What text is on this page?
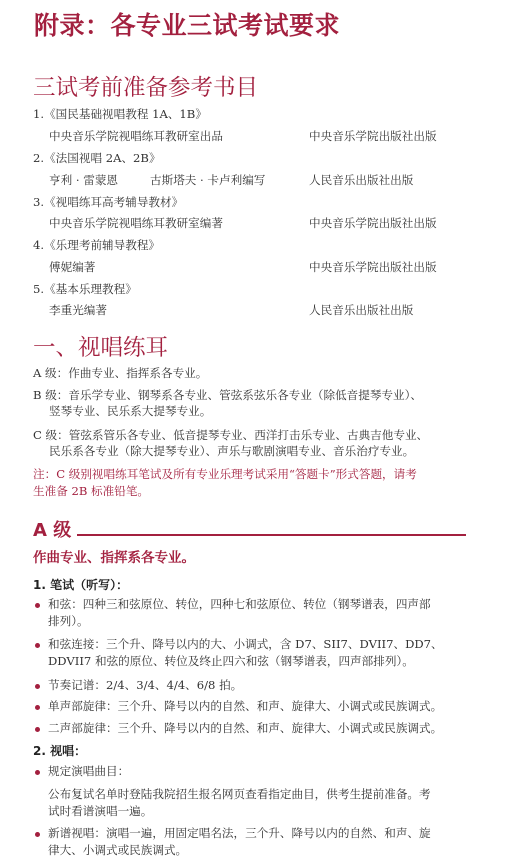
附录：各专业三试考试要求
三试考前准备参考书目
1.《国民基础视唱教程 1A、1B》
中央音乐学院视唱练耳教研室出品	中央音乐学院出版社出版
2.《法国视唱 2A、2B》
亨利 · 雷蒙恩	古斯塔夫 · 卡卢利编写	人民音乐出版社出版
3.《视唱练耳高考辅导教材》
中央音乐学院视唱练耳教研室编著	中央音乐学院出版社出版
4.《乐理考前辅导教程》
傅妮编著	中央音乐学院出版社出版
5.《基本乐理教程》
李重光编著	人民音乐出版社出版
一、视唱练耳
A 级：作曲专业、指挥系各专业。
B 级：音乐学专业、钢琴系各专业、管弦系弦乐各专业（除低音提琴专业）、
竖琴专业、民乐系大提琴专业。
C 级：管弦系管乐各专业、低音提琴专业、西洋打击乐专业、古典吉他专业、
民乐系各专业（除大提琴专业）、声乐与歌剧演唱专业、音乐治疗专业。
注：C 级别视唱练耳笔试及所有专业乐理考试采用“答题卡”形式答题，请考
生准备 2B 标准铅笔。
A 级
作曲专业、指挥系各专业。
1. 笔试（听写）：
和弦：四种三和弦原位、转位，四种七和弦原位、转位（钢琴谱表，四声部
排列）。
和弦连接：三个升、降号以内的大、小调式，含 D7、SII7、DVII7、DD7、
DDVII7 和弦的原位、转位及终止四六和弦（钢琴谱表，四声部排列）。
节奏记谱：2/4、3/4、4/4、6/8 拍。
单声部旋律：三个升、降号以内的自然、和声、旋律大、小调式或民族调式。
二声部旋律：三个升、降号以内的自然、和声、旋律大、小调式或民族调式。
2. 视唱：
规定演唱曲目：
公布复试名单时登陆我院招生报名网页查看指定曲目，供考生提前准备。考
试时看谱演唱一遍。
新谱视唱：演唱一遍，用固定唱名法，三个升、降号以内的自然、和声、旋
律大、小调式或民族调式。
